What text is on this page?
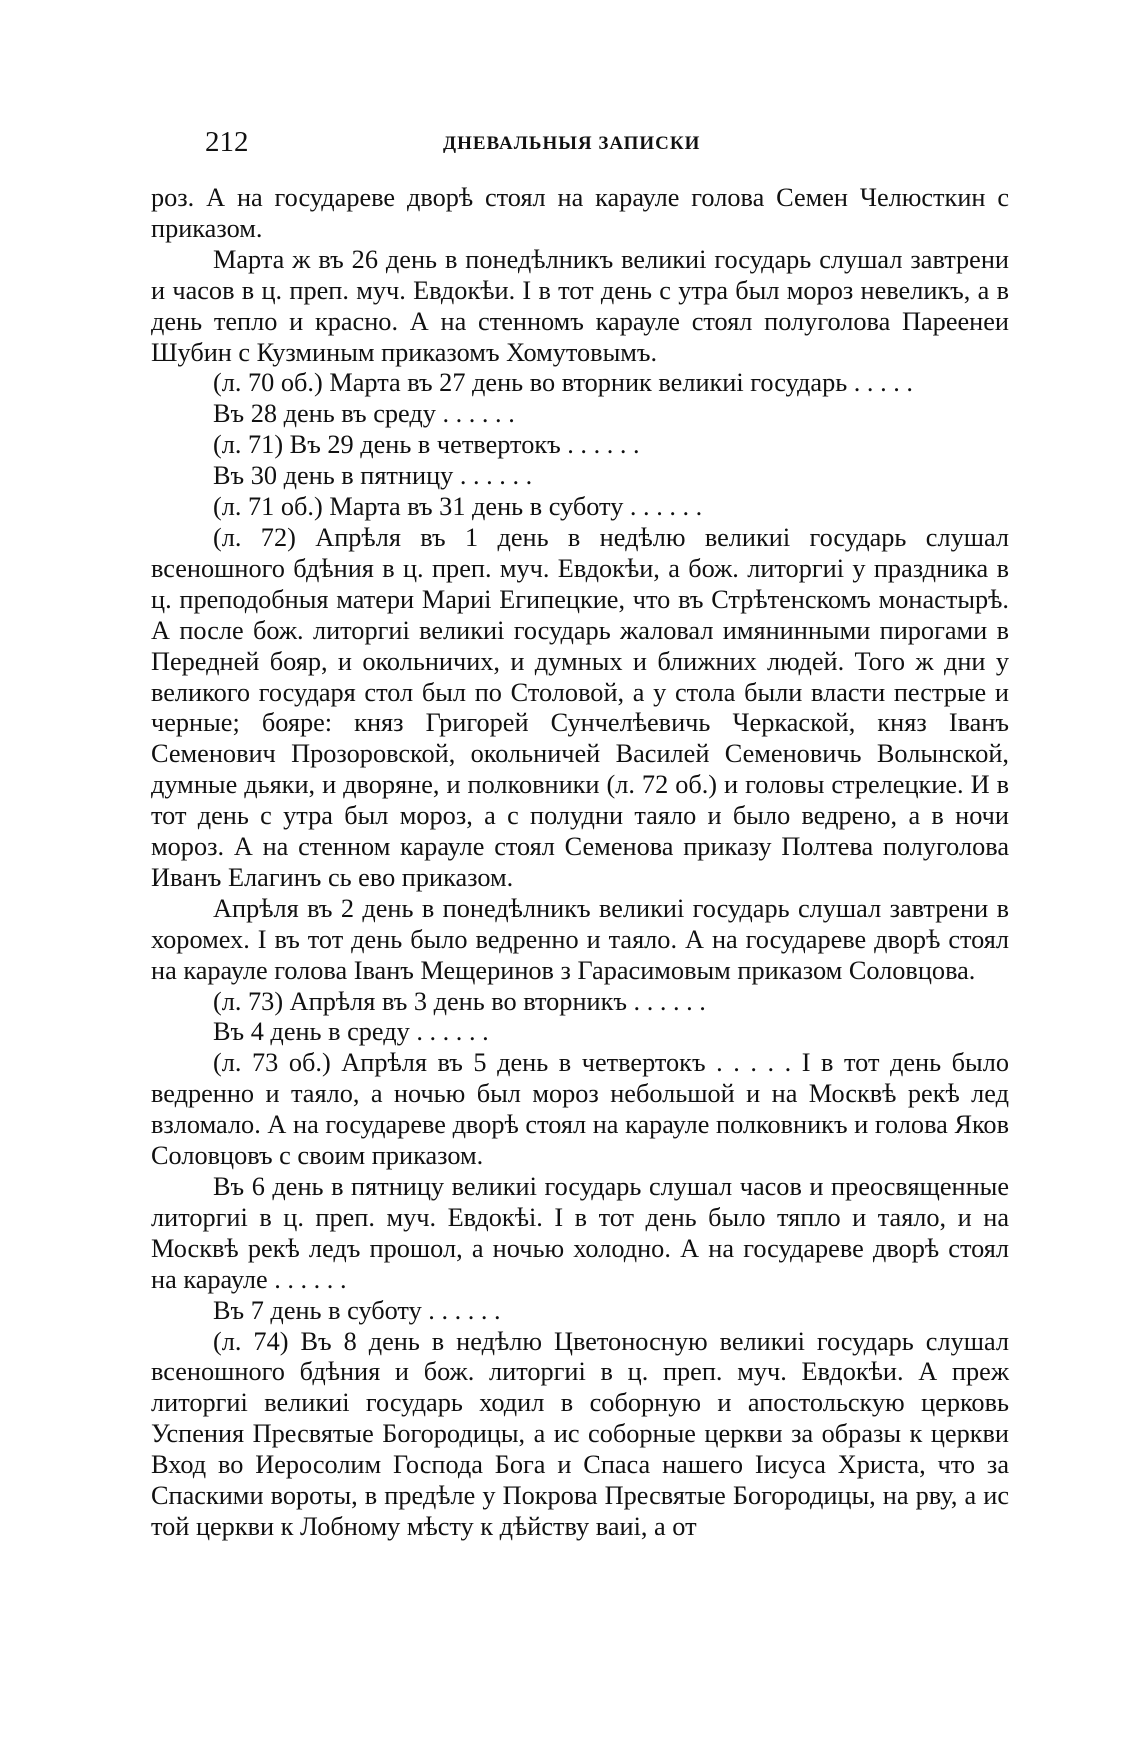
212	ДНЕВАЛЬНЫЯ ЗАПИСКИ

роз. А на государеве дворѣ стоял на карауле голова Семен Челюсткин с приказом.

Марта ж въ 26 день в понедѣлникъ великиі государь слушал завтрени и часов в ц. преп. муч. Евдокѣи. І в тот день с утра был мороз невеликъ, а в день тепло и красно. А на стенномъ карауле стоял полуголова Пареенеи Шубин с Кузминым приказомъ Хомутовымъ.

(л. 70 об.) Марта въ 27 день во вторник великиі государь . . . . .

Въ 28 день въ среду . . . . . .

(л. 71) Въ 29 день в четвертокъ . . . . . .

Въ 30 день в пятницу . . . . . .

(л. 71 об.) Марта въ 31 день в суботу . . . . . .

(л. 72) Апрѣля въ 1 день в недѣлю великиі государь слушал всеношного бдѣния в ц. преп. муч. Евдокѣи, а бож. литоргиі у праздника в ц. преподобныя матери Мариі Египецкие, что въ Стрѣтенскомъ монастырѣ. А после бож. литоргиі великиі государь жаловал имянинными пирогами в Передней бояр, и окольничих, и думных и ближних людей. Того ж дни у великого государя стол был по Столовой, а у стола были власти пестрые и черные; бояре: княз Григорей Сунчелѣевичь Черкаской, княз Іванъ Семенович Прозоровской, окольничей Василей Семеновичь Волынской, думные дьяки, и дворяне, и полковники (л. 72 об.) и головы стрелецкие. И в тот день с утра был мороз, а с полудни таяло и было ведрено, а в ночи мороз. А на стенном карауле стоял Семенова приказу Полтева полуголова Иванъ Елагинъ сь ево приказом.

Апрѣля въ 2 день в понедѣлникъ великиі государь слушал завтрени в хоромех. І въ тот день было ведренно и таяло. А на государеве дворѣ стоял на карауле голова Іванъ Мещеринов з Гарасимовым приказом Соловцова.

(л. 73) Апрѣля въ 3 день во вторникъ . . . . . .

Въ 4 день в среду . . . . . .

(л. 73 об.) Апрѣля въ 5 день в четвертокъ . . . . . І в тот день было ведренно и таяло, а ночью был мороз небольшой и на Москвѣ рекѣ лед взломало. А на государеве дворѣ стоял на карауле полковникъ и голова Яков Соловцовъ с своим приказом.

Въ 6 день в пятницу великиі государь слушал часов и преосвященные литоргиі в ц. преп. муч. Евдокѣі. І в тот день было тяпло и таяло, и на Москвѣ рекѣ ледъ прошол, а ночью холодно. А на государеве дворѣ стоял на карауле . . . . . .

Въ 7 день в суботу . . . . . .

(л. 74) Въ 8 день в недѣлю Цветоносную великиі государь слушал всеношного бдѣния и бож. литоргиі в ц. преп. муч. Евдокѣи. А преж литоргиі великиі государь ходил в соборную и апостольскую церковь Успения Пресвятые Богородицы, а ис соборные церкви за образы к церкви Вход во Иеросолим Господа Бога и Спаса нашего Іисуса Христа, что за Спаскими вороты, в предѣле у Покрова Пресвятые Богородицы, на рву, а ис той церкви к Лобному мѣсту к дѣйству ваиі, а от
